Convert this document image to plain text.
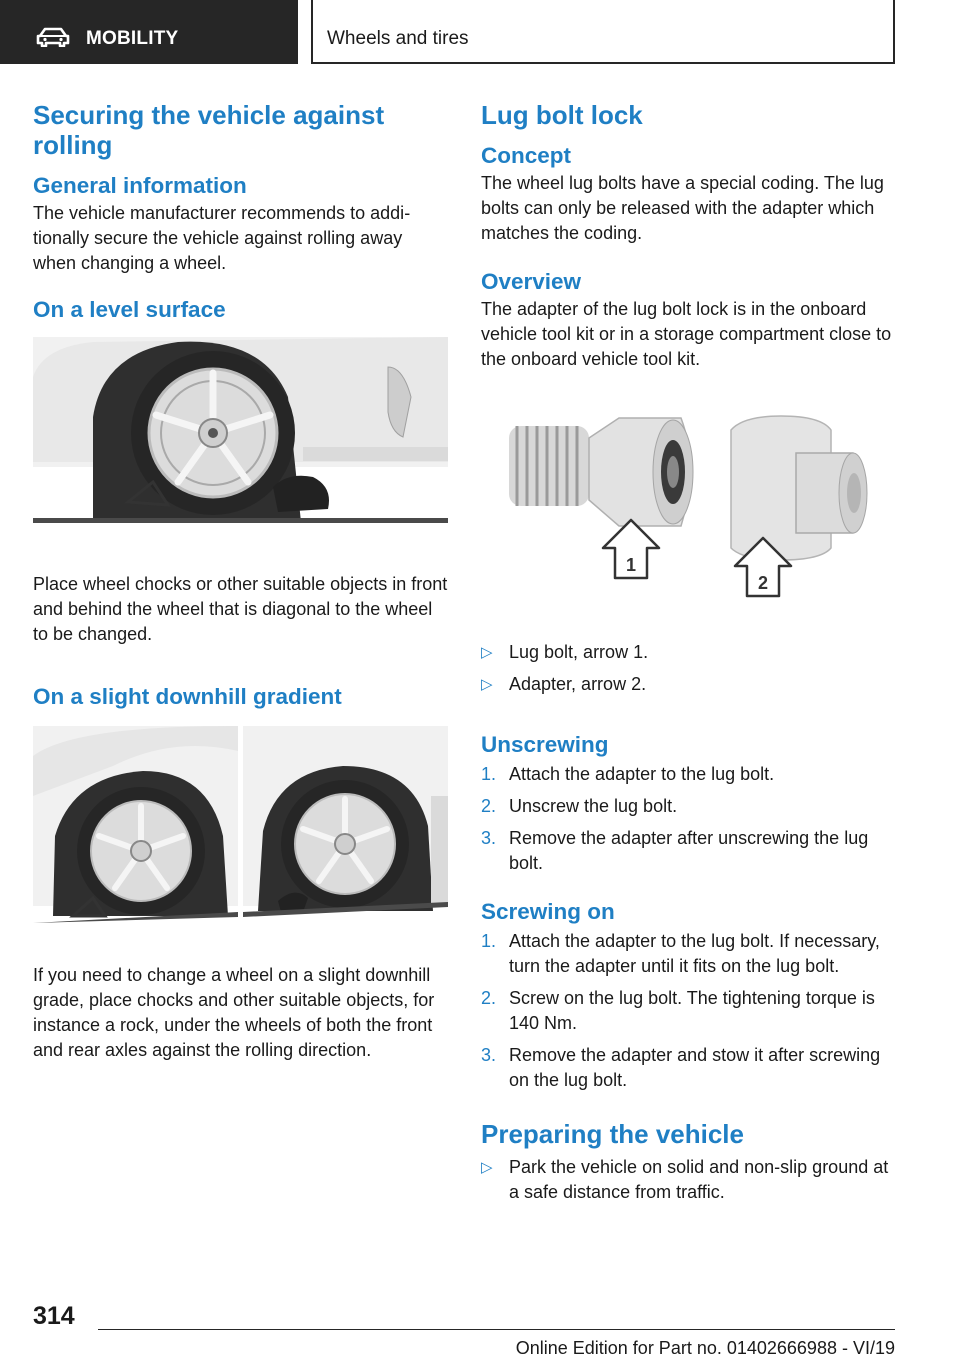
MOBILITY	Wheels and tires
Securing the vehicle against rolling
General information

The vehicle manufacturer recommends to additionally secure the vehicle against rolling away when changing a wheel.

On a level surface

Place wheel chocks or other suitable objects in front and behind the wheel that is diagonal to the wheel to be changed.

On a slight downhill gradient

If you need to change a wheel on a slight downhill grade, place chocks and other suitable objects, for instance a rock, under the wheels of both the front and rear axles against the rolling direction.

Lug bolt lock
Concept

The wheel lug bolts have a special coding. The lug bolts can only be released with the adapter which matches the coding.

Overview

The adapter of the lug bolt lock is in the onboard vehicle tool kit or in a storage compartment close to the onboard vehicle tool kit.

1
2
▷ Lug bolt, arrow 1.
▷ Adapter, arrow 2.
Unscrewing
1. Attach the adapter to the lug bolt.
2. Unscrew the lug bolt.
3. Remove the adapter after unscrewing the lug bolt.
Screwing on
1. Attach the adapter to the lug bolt. If necessary, turn the adapter until it fits on the lug bolt.
2. Screw on the lug bolt. The tightening torque is 140 Nm.
3. Remove the adapter and stow it after screwing on the lug bolt.
Preparing the vehicle
▷ Park the vehicle on solid and non-slip ground at a safe distance from traffic.
314
Online Edition for Part no. 01402666988 - VI/19
